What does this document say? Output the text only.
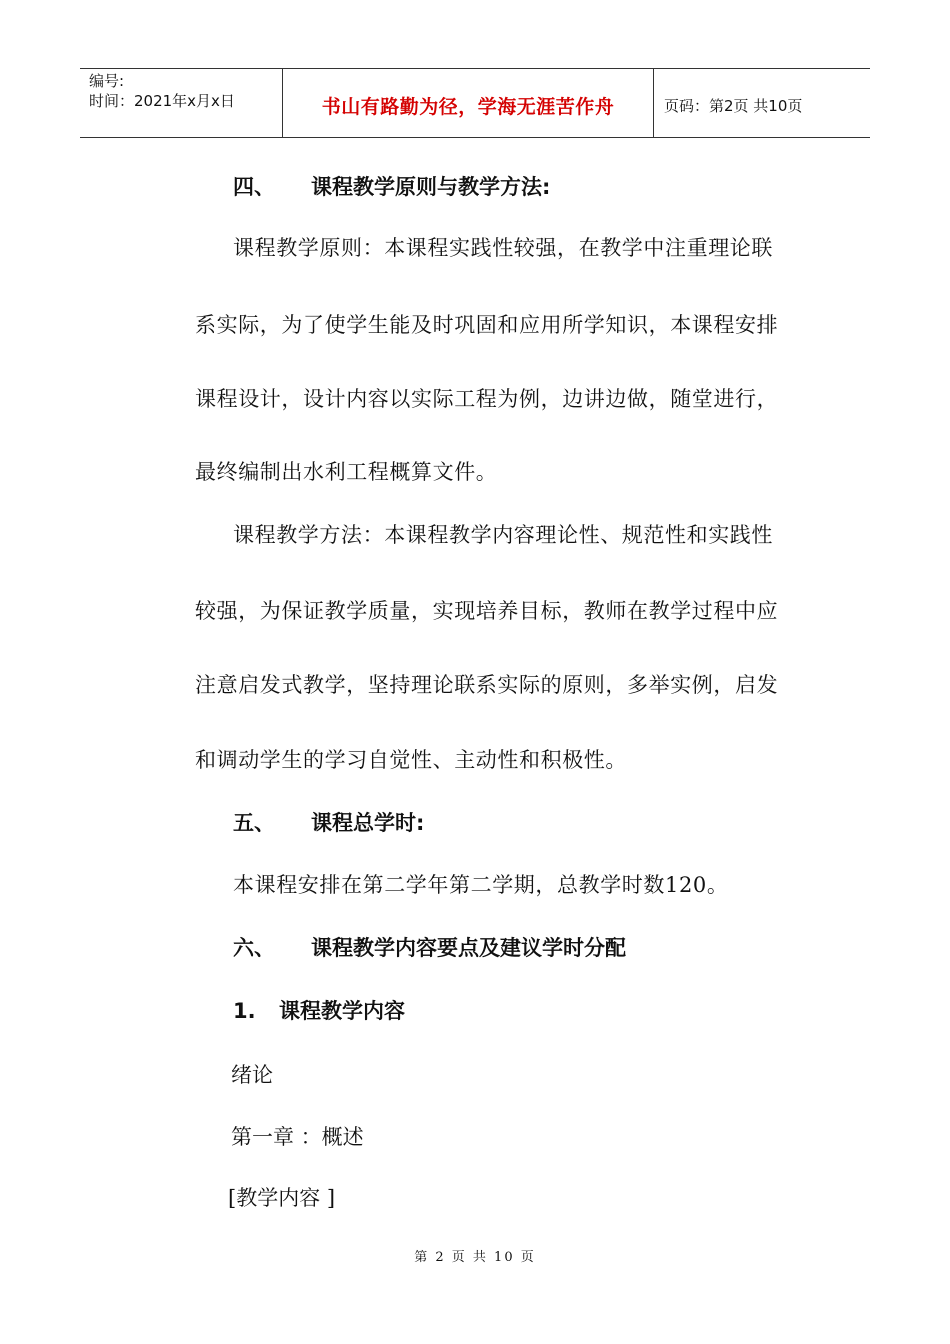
编号:
时间：2021年x月x日	书山有路勤为径，学海无涯苦作舟	页码：第2页 共10页
四、 课程教学原则与教学方法:
课程教学原则：本课程实践性较强，在教学中注重理论联
系实际，为了使学生能及时巩固和应用所学知识，本课程安排
课程设计，设计内容以实际工程为例，边讲边做，随堂进行，
最终编制出水利工程概算文件。
课程教学方法：本课程教学内容理论性、规范性和实践性
较强，为保证教学质量，实现培养目标，教师在教学过程中应
注意启发式教学，坚持理论联系实际的原则，多举实例，启发
和调动学生的学习自觉性、主动性和积极性。
五、 课程总学时:
本课程安排在第二学年第二学期，总教学时数120。
六、 课程教学内容要点及建议学时分配
1. 课程教学内容
绪论
第一章 ：概述
[教学内容 ]
第 2 页 共 10 页
